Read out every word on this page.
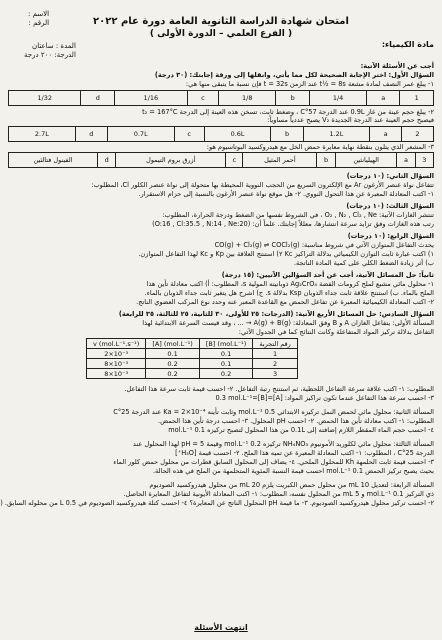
الاسم :
الرقم :	امتحان شهادة الدراسة الثانوية العامة دورة عام ٢٠٢٢
( الفرع العلمي – الدورة الأولى )
المدة : ساعتان
الدرجة: ٢٠٠ درجة
مادة الكيمياء:
أجب عن الأسئلة الآتية:
السؤال الأول: اختر الإجابة الصحيحة لكل مما يأتي، وانقلها إلى ورقة إجابتك: (٣٠ درجة)
١- يبلغ عمر النصف لمادة مشعة t½ = 8s عند الزمن t = 32s فإن نسبة ما يتبقى منها هي:
1	a	1/4	b	1/8	c	1/16	d	1/32
٢- يبلغ حجم عينة من غاز 0.9L عند الدرجة 57°C ، وضغط ثابت، تسخن هذه العينة إلى الدرجة t₂ = 167°C
فيصبح حجم العينة عند الدرجة الجديدة V₂ يصبح عددياً مساوياً:
2	a	1.2L	b	0.6L	c	0.7L	d	2.7L
٣- المشعر الذي يتلون بنقطة نهاية معايرة حمض الخل مع هيدروكسيد البوتاسيوم هو:
3	a	الهيليانثين	b	أحمر المثيل	c	أزرق بروم التيمول	d	الفينول فتالئين
السؤال الثاني: (١٠ درجات)
تتفاعل نواة عنصر الأرغون Ar مع الإلكترون السريع من الحجب النووية المحيطة بها متحولة إلى نواة عنصر الكلور Cl، المطلوب:
١- اكتب المعادلة المعبرة عن هذا التحول النووي. ٢- هل موقع نواة عنصر الأرغون بالنسبة إلى حزام الاستقرار.
السؤال الثالث: (١٠ درجات)
تنتشر الغازات الآتية: O₂ , N₂ , Cl₂ , Ne ، في الشروط نفسها من الضغط ودرجة الحرارة، المطلوب:
رتب هذه الغازات وفق تزايد سرعة انتشارها، معللاً إجابتك. علماً أن: (O:16 , Cl:35.5 , N:14 , Ne:20)
السؤال الرابع: (١٠ درجات)
يحدث التفاعل المتوازن الآتي في شروط مناسبة: CO(g) + Cl₂(g) ⇌ COCl₂(g)
١) اكتب عبارة ثابت التوازن الكيميائي بدلالة التراكيز Kc ٢) استنتج العلاقة بين Kp و Kc لهذا التفاعل المتوازن.
ب) أثر زيادة الضغط الكلي على كمية المادة الناتجة.
ثانياً: حل المسائل الآتية، أجب عن أحد السؤالين الآتيين: (١٥ درجة)
١- محلول مائي مشبع لملح كرومات الفضة Ag₂CrO₄ ذوبانيته المولية s، المطلوب: أ) اكتب معادلة تأين هذا
الملح بالماء. ب) استنتج علاقة ثابت جداء الذوبان Ksp بدلالة s. ج) اشرح هل يتغير ثابت جداء الذوبان بالماء.
٢- اكتب المعادلة الكيميائية المعبرة عن تفاعل الحمض مع القاعدة المعبر عنه وحدد نوع المركب العضوي الناتج.
السؤال السادس: حل المسائل الأربع الآتية: (الدرجات: ٢٥ للأولى، ٣٠ للثانية، ٢٥ للثالثة، ٣٥ للرابعة)
المسألة الأولى: يتفاعل الغازان A و B وفق المعادلة: A(g) + B(g) → ... ، وقد قيست السرعة الابتدائية لهذا
التفاعل بدلالة تركيز المواد المتفاعلة وكانت النتائج كما في الجدول الآتي:
v (mol.L⁻¹.s⁻¹)	[A] (mol.L⁻¹)	[B] (mol.L⁻¹)	رقم التجربة
2×10⁻³	0.1	0.1	1
8×10⁻³	0.2	0.1	2
8×10⁻³	0.2	0.2	3
المطلوب: ١- اكتب علاقة سرعة التفاعل اللحظية، ثم استنتج رتبة التفاعل. ٢- احسب قيمة ثابت سرعة هذا التفاعل.
٣- احسب سرعة هذا التفاعل عندما تكون تراكيز المواد: [A]=[B]=0.3 mol.L⁻¹
المسألة الثانية: محلول مائي لحمض النمل تركيزه الابتدائي 0.5 mol.L⁻¹ وثابت تأينه Ka = 2×10⁻⁴ عند الدرجة 25°C
المطلوب: ١- اكتب معادلة تأين هذا الحمض. ٢- احسب pH المحلول. ٣- احسب درجة تأين هذا الحمض.
٤- احسب حجم الماء المقطر اللازم إضافته إلى 0.1L من هذا المحلول لتصبح تركيزه 0.1 mol.L⁻¹
المسألة الثالثة: محلول مائي لكلوريد الأمونيوم NH₄NO₃ تركيزه 0.2 mol.L⁻¹ وقيمة pH = 5 لهذا المحلول عند
الدرجة 25°C ، المطلوب: ١- اكتب المعادلة المعبرة عن تميه هذا الملح. ٢- احسب قيمة [H₃O⁺]
٣- احسب قيمة ثابت الحلمهة Kh للمحلول الملحي. ٤- يضاف إلى المحلول السابق قطرات من محلول حمض كلور الماء
بحيث يصبح تركيز الحمض 0.1 mol.L⁻¹ احسب قيمة النسبة المئوية المتحلمهة من الملح في هذه الحالة.
المسألة الرابعة: لتعديل 10 mL من محلول حمض الكبريت يلزم 20 mL من محلول هيدروكسيد الصوديوم
ذي التركيز 0.1 mol.L⁻¹ و 5 mL من المحلول نفسه، المطلوب: ١- اكتب المعادلة الأيونية لتفاعل المعايرة الحاصل.
٢- احسب تركيز محلول هيدروكسيد الصوديوم. ٣- ما قيمة pH المحلول الناتج عن المعايرة؟ ٤- احسب كتلة هيدروكسيد الصوديوم في 0.5 L من محلوله السابق. (
انتهت الأسئلة
